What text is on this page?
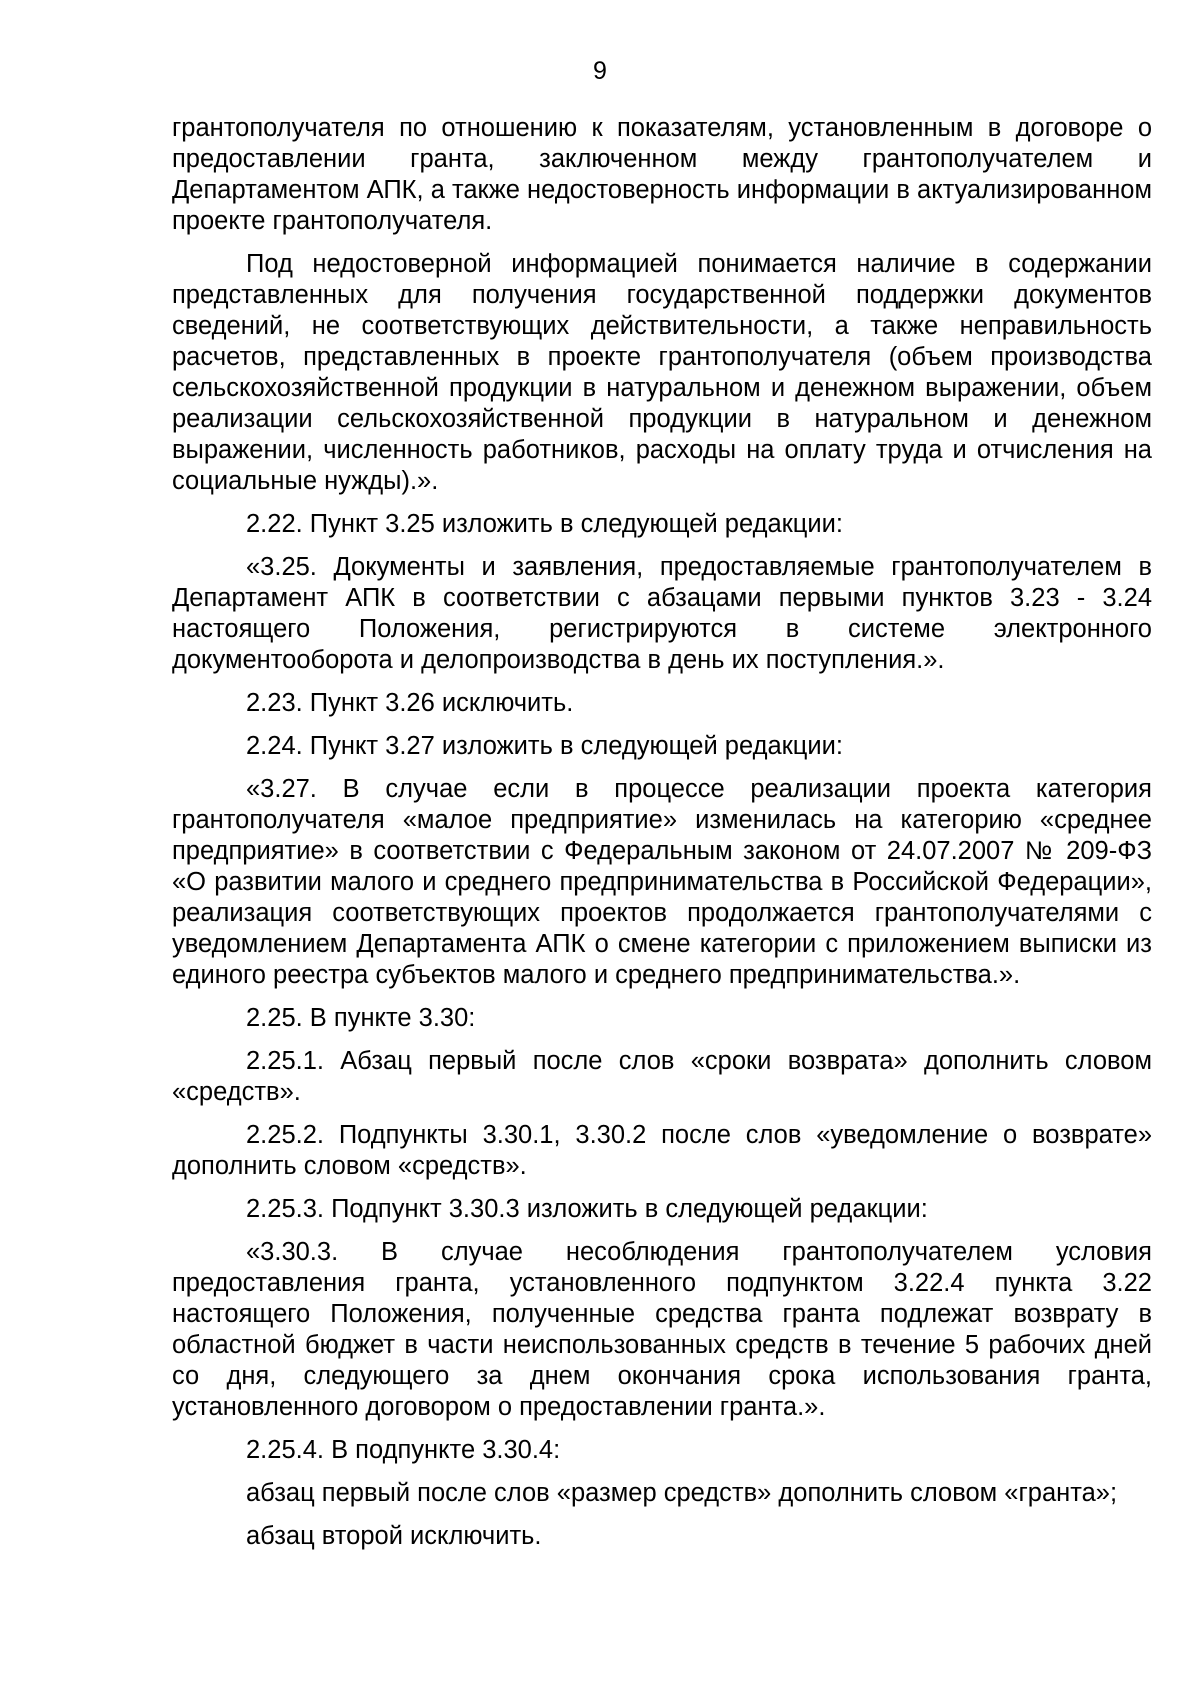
9

грантополучателя по отношению к показателям, установленным в договоре о предоставлении гранта, заключенном между грантополучателем и Департаментом АПК, а также недостоверность информации в актуализированном проекте грантополучателя.

Под недостоверной информацией понимается наличие в содержании представленных для получения государственной поддержки документов сведений, не соответствующих действительности, а также неправильность расчетов, представленных в проекте грантополучателя (объем производства сельскохозяйственной продукции в натуральном и денежном выражении, объем реализации сельскохозяйственной продукции в натуральном и денежном выражении, численность работников, расходы на оплату труда и отчисления на социальные нужды).».

2.22. Пункт 3.25 изложить в следующей редакции:

«3.25. Документы и заявления, предоставляемые грантополучателем в Департамент АПК в соответствии с абзацами первыми пунктов 3.23 - 3.24 настоящего Положения, регистрируются в системе электронного документооборота и делопроизводства в день их поступления.».

2.23. Пункт 3.26 исключить.

2.24. Пункт 3.27 изложить в следующей редакции:

«3.27. В случае если в процессе реализации проекта категория грантополучателя «малое предприятие» изменилась на категорию «среднее предприятие» в соответствии с Федеральным законом от 24.07.2007 № 209-ФЗ «О развитии малого и среднего предпринимательства в Российской Федерации», реализация соответствующих проектов продолжается грантополучателями с уведомлением Департамента АПК о смене категории с приложением выписки из единого реестра субъектов малого и среднего предпринимательства.».

2.25. В пункте 3.30:

2.25.1. Абзац первый после слов «сроки возврата» дополнить словом «средств».

2.25.2. Подпункты 3.30.1, 3.30.2 после слов «уведомление о возврате» дополнить словом «средств».

2.25.3. Подпункт 3.30.3 изложить в следующей редакции:

«3.30.3. В случае несоблюдения грантополучателем условия предоставления гранта, установленного подпунктом 3.22.4 пункта 3.22 настоящего Положения, полученные средства гранта подлежат возврату в областной бюджет в части неиспользованных средств в течение 5 рабочих дней со дня, следующего за днем окончания срока использования гранта, установленного договором о предоставлении гранта.».

2.25.4. В подпункте 3.30.4:

абзац первый после слов «размер средств» дополнить словом «гранта»;

абзац второй исключить.
